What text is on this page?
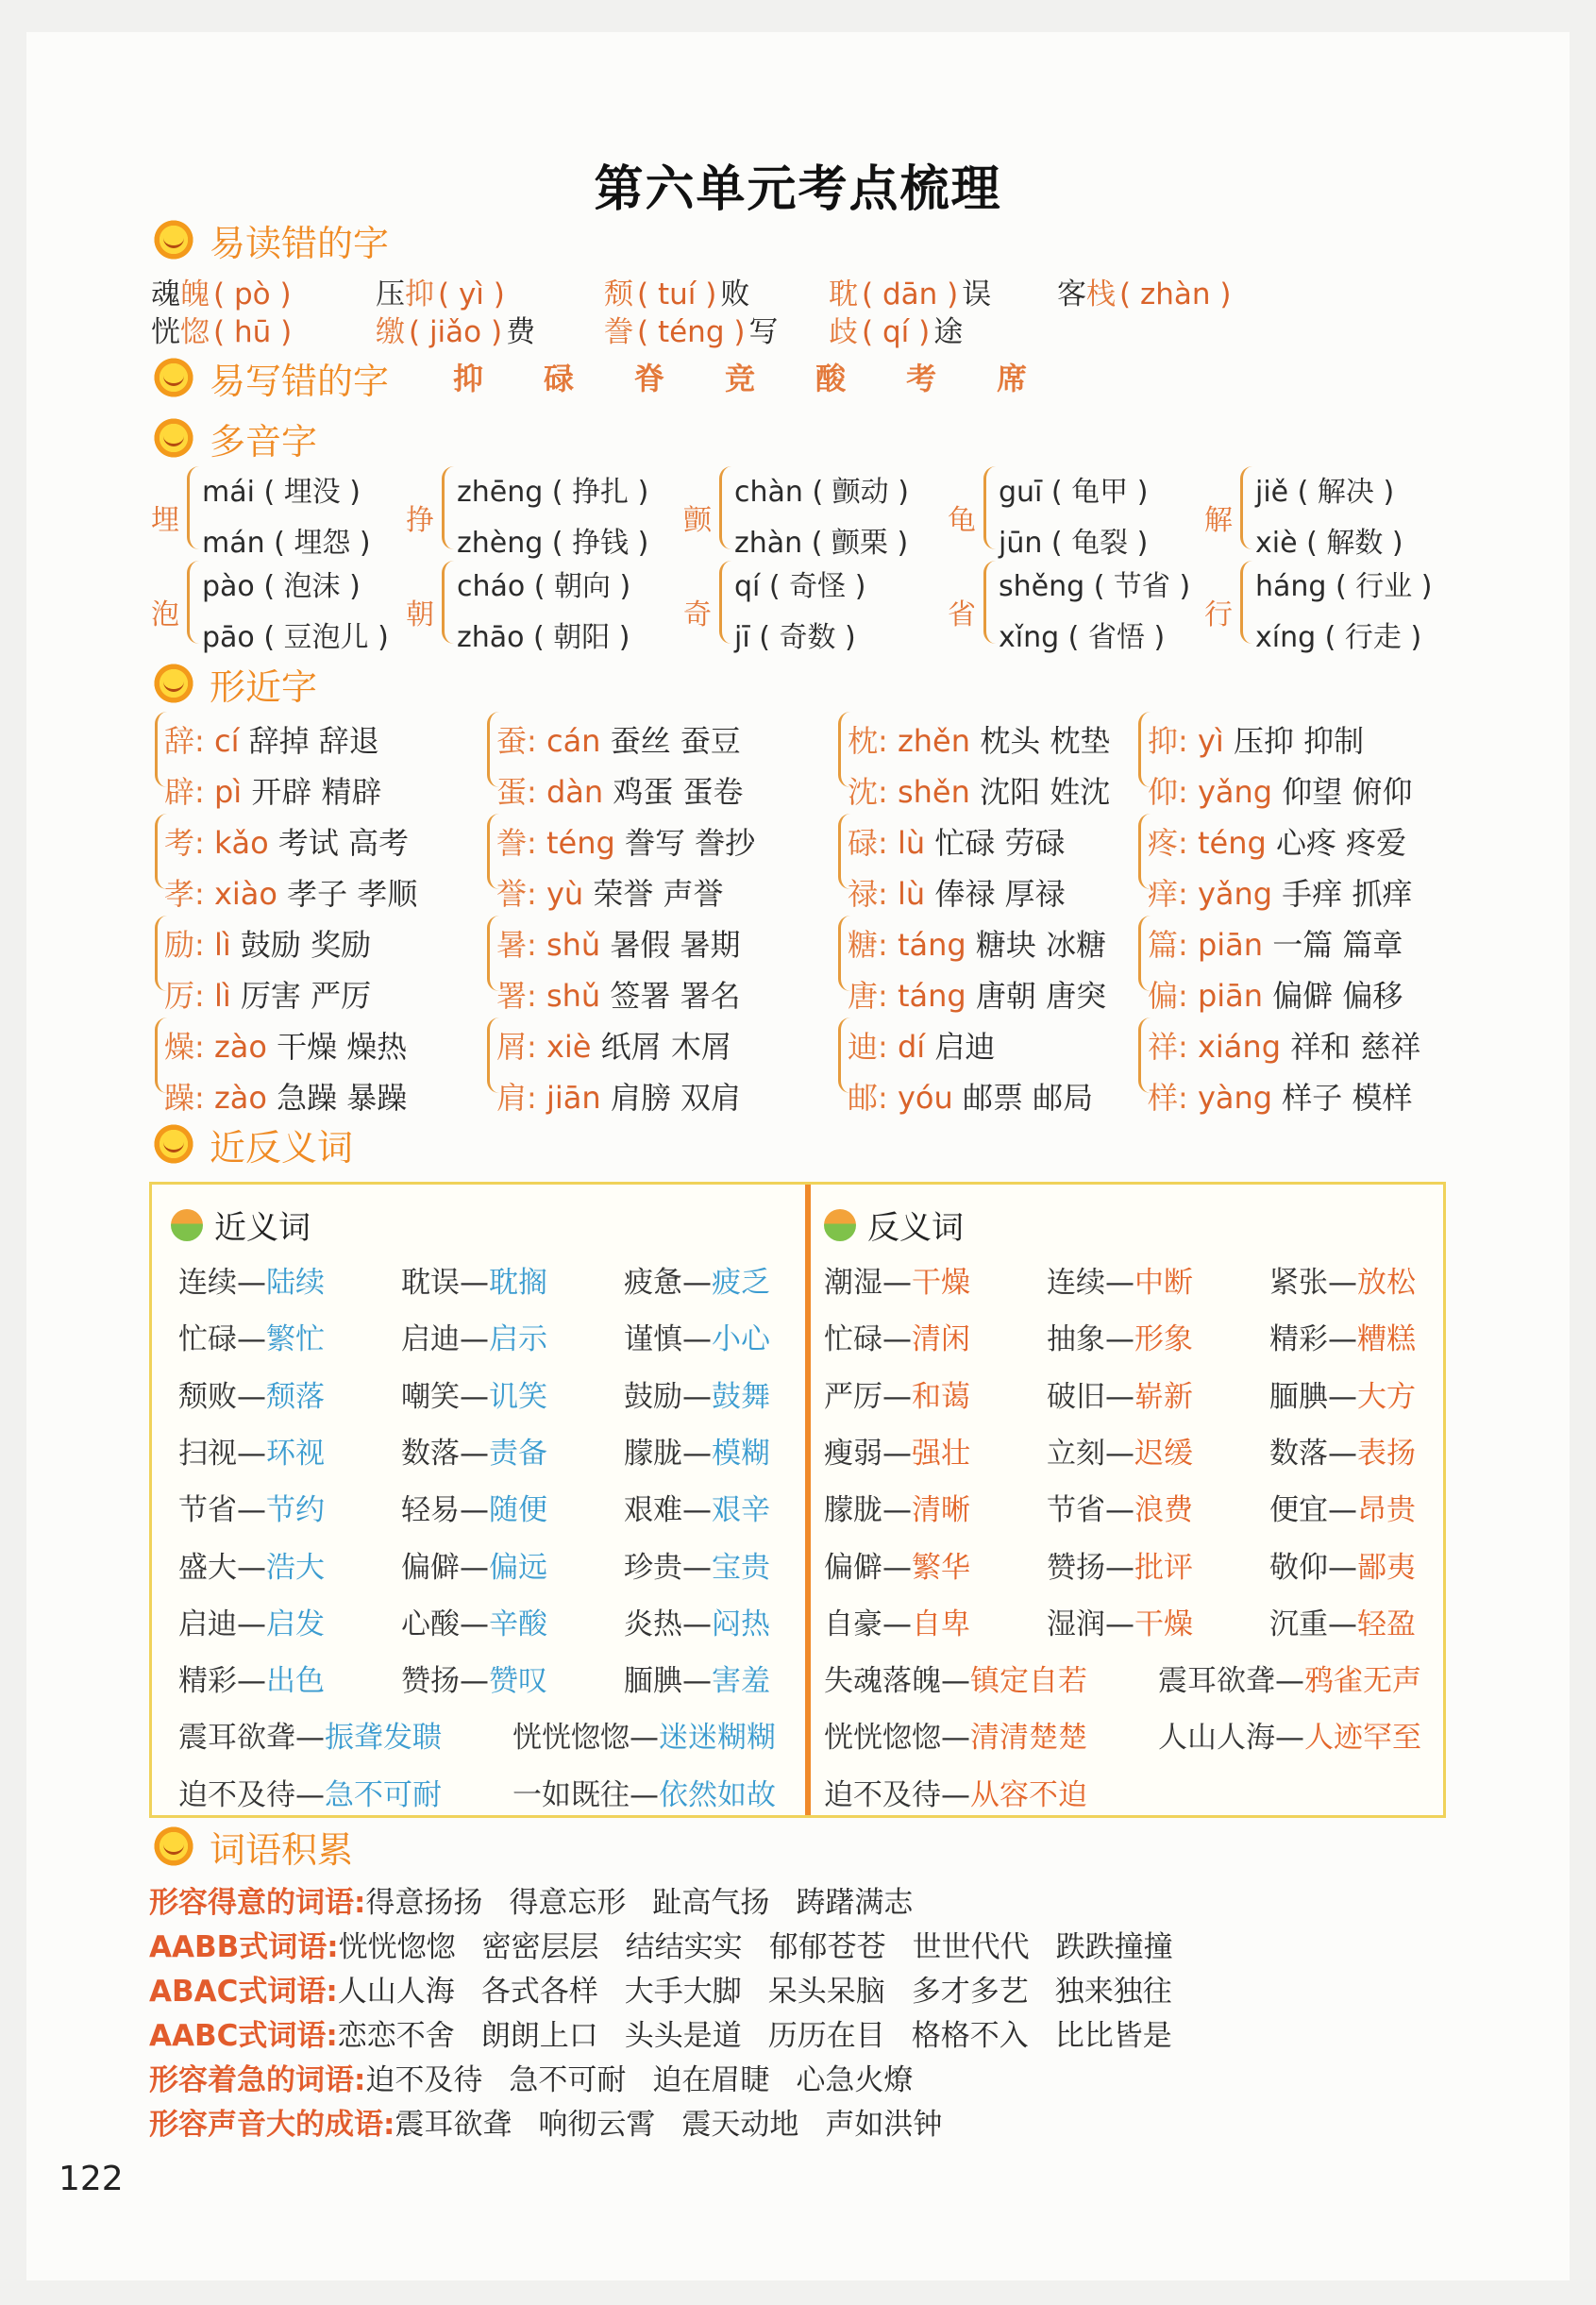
第六单元考点梳理
易读错的字
魂魄 ( pò )	压抑 ( yì )	颓 ( tuí ) 败	耽 ( dān ) 误 客栈 ( zhàn )
恍惚 ( hū )	缴 ( jiǎo ) 费 誊 ( téng ) 写 歧 ( qí ) 途
易写错的字 抑 碌 脊 竞 酸 考 席
多音字
埋
mái ( 埋没 )
mán ( 埋怨 )
挣
zhēng ( 挣扎 )
zhèng ( 挣钱 )
颤
chàn ( 颤动 )
zhàn ( 颤栗 )
龟
guī ( 龟甲 )
jūn ( 龟裂 )
解
jiě ( 解决 )
xiè ( 解数 )
泡
pào ( 泡沫 )
pāo ( 豆泡儿 )
朝
cháo ( 朝向 )
zhāo ( 朝阳 )
奇
qí ( 奇怪 )
jī ( 奇数 )
省
shěng ( 节省 )
xǐng ( 省悟 )
行
háng ( 行业 )
xíng ( 行走 )
形近字
辞: cí 辞掉 辞退
辟: pì 开辟 精辟
蚕: cán 蚕丝 蚕豆
蛋: dàn 鸡蛋 蛋卷
枕: zhěn 枕头 枕垫
沈: shěn 沈阳 姓沈
抑: yì 压抑 抑制
仰: yǎng 仰望 俯仰
考: kǎo 考试 高考
孝: xiào 孝子 孝顺
誊: téng 誊写 誊抄
誉: yù 荣誉 声誉
碌: lù 忙碌 劳碌
禄: lù 俸禄 厚禄
疼: téng 心疼 疼爱
痒: yǎng 手痒 抓痒
励: lì 鼓励 奖励
厉: lì 厉害 严厉
暑: shǔ 暑假 暑期
署: shǔ 签署 署名
糖: táng 糖块 冰糖
唐: táng 唐朝 唐突
篇: piān 一篇 篇章
偏: piān 偏僻 偏移
燥: zào 干燥 燥热
躁: zào 急躁 暴躁
屑: xiè 纸屑 木屑
肩: jiān 肩膀 双肩
迪: dí 启迪
邮: yóu 邮票 邮局
祥: xiáng 祥和 慈祥
样: yàng 样子 模样
近反义词
近义词	反义词
连续—陆续	耽误—耽搁	疲惫—疲乏
忙碌—繁忙	启迪—启示	谨慎—小心
颓败—颓落	嘲笑—讥笑	鼓励—鼓舞
扫视—环视	数落—责备	朦胧—模糊
节省—节约	轻易—随便	艰难—艰辛
盛大—浩大	偏僻—偏远	珍贵—宝贵
启迪—启发	心酸—辛酸	炎热—闷热
精彩—出色	赞扬—赞叹	腼腆—害羞
震耳欲聋—振聋发聩 恍恍惚惚—迷迷糊糊
迫不及待—急不可耐 一如既往—依然如故
潮湿—干燥	连续—中断	紧张—放松
忙碌—清闲	抽象—形象	精彩—糟糕
严厉—和蔼	破旧—崭新	腼腆—大方
瘦弱—强壮	立刻—迟缓	数落—表扬
朦胧—清晰	节省—浪费	便宜—昂贵
偏僻—繁华	赞扬—批评	敬仰—鄙夷
自豪—自卑	湿润—干燥	沉重—轻盈
失魂落魄—镇定自若 震耳欲聋—鸦雀无声
恍恍惚惚—清清楚楚 人山人海—人迹罕至
迫不及待—从容不迫
词语积累
形容得意的词语:得意扬扬 得意忘形 趾高气扬 踌躇满志
AABB式词语:恍恍惚惚 密密层层 结结实实 郁郁苍苍 世世代代 跌跌撞撞
ABAC式词语:人山人海 各式各样 大手大脚 呆头呆脑 多才多艺 独来独往
AABC式词语:恋恋不舍 朗朗上口 头头是道 历历在目 格格不入 比比皆是
形容着急的词语:迫不及待 急不可耐 迫在眉睫 心急火燎
形容声音大的成语:震耳欲聋 响彻云霄 震天动地 声如洪钟
122
